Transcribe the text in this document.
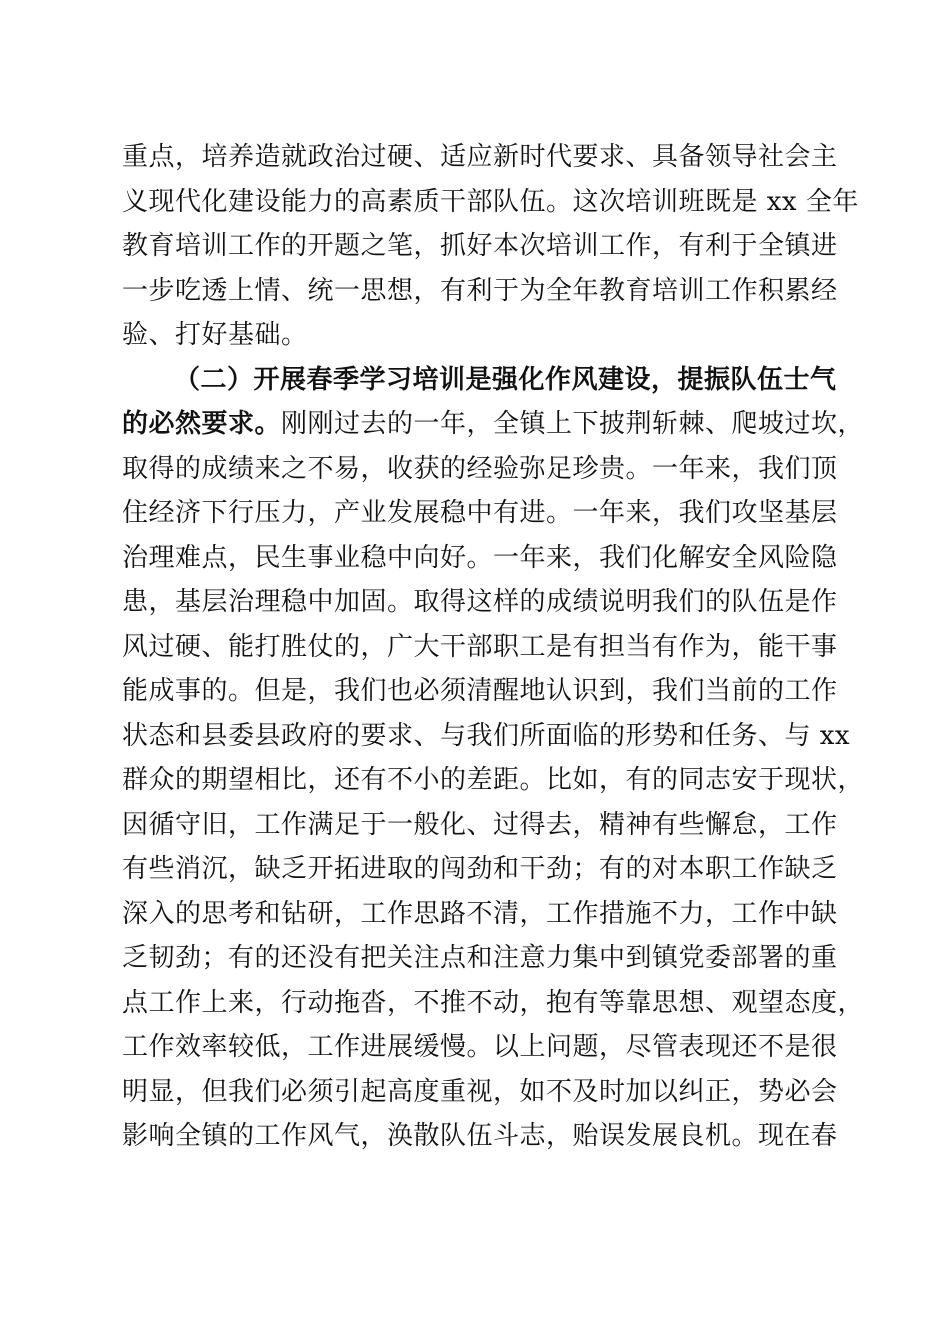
重点，培养造就政治过硬、适应新时代要求、具备领导社会主
义现代化建设能力的高素质干部队伍。这次培训班既是 xx 全年
教育培训工作的开题之笔，抓好本次培训工作，有利于全镇进
一步吃透上情、统一思想，有利于为全年教育培训工作积累经
验、打好基础。
（二）开展春季学习培训是强化作风建设，提振队伍士气
的必然要求。刚刚过去的一年，全镇上下披荆斩棘、爬坡过坎，
取得的成绩来之不易，收获的经验弥足珍贵。一年来，我们顶
住经济下行压力，产业发展稳中有进。一年来，我们攻坚基层
治理难点，民生事业稳中向好。一年来，我们化解安全风险隐
患，基层治理稳中加固。取得这样的成绩说明我们的队伍是作
风过硬、能打胜仗的，广大干部职工是有担当有作为，能干事
能成事的。但是，我们也必须清醒地认识到，我们当前的工作
状态和县委县政府的要求、与我们所面临的形势和任务、与 xx
群众的期望相比，还有不小的差距。比如，有的同志安于现状，
因循守旧，工作满足于一般化、过得去，精神有些懈怠，工作
有些消沉，缺乏开拓进取的闯劲和干劲；有的对本职工作缺乏
深入的思考和钻研，工作思路不清，工作措施不力，工作中缺
乏韧劲；有的还没有把关注点和注意力集中到镇党委部署的重
点工作上来，行动拖沓，不推不动，抱有等靠思想、观望态度，
工作效率较低，工作进展缓慢。以上问题，尽管表现还不是很
明显，但我们必须引起高度重视，如不及时加以纠正，势必会
影响全镇的工作风气，涣散队伍斗志，贻误发展良机。现在春
